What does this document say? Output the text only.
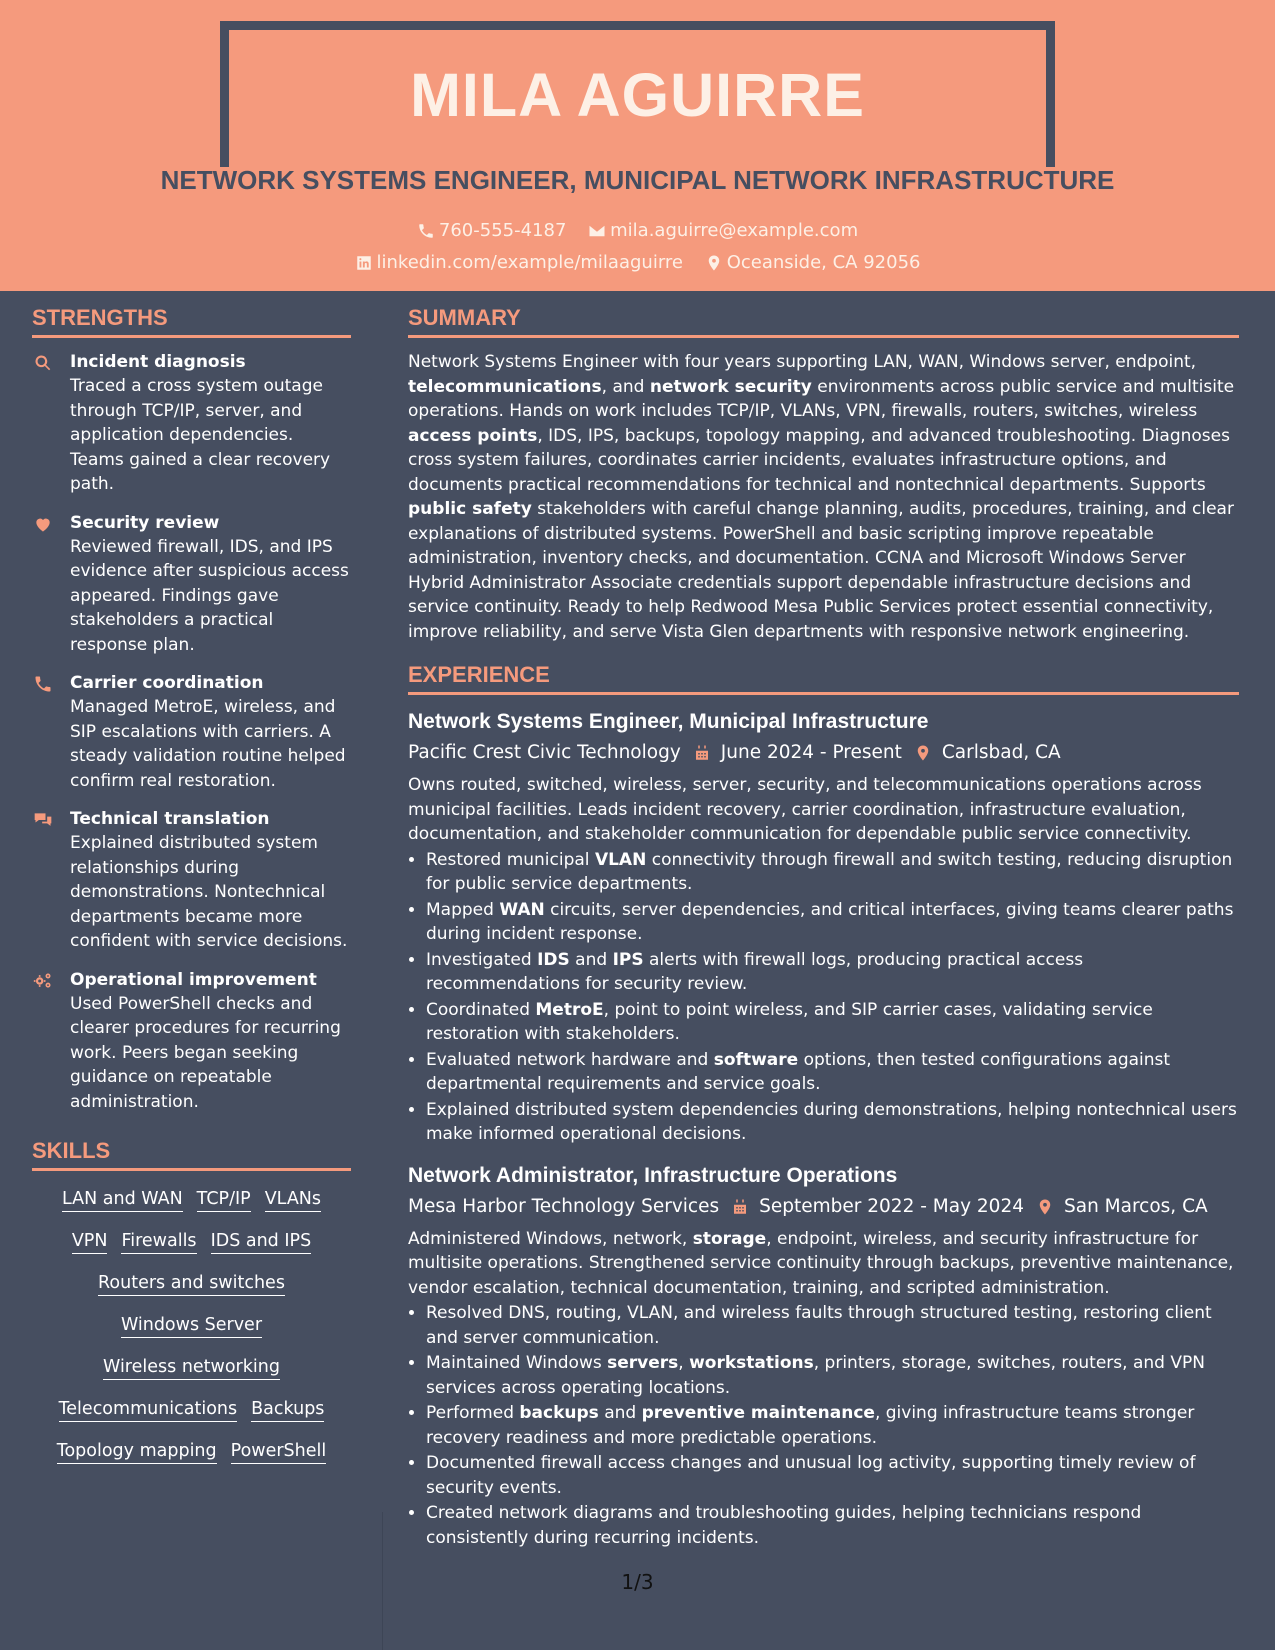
MILA AGUIRRE
NETWORK SYSTEMS ENGINEER, MUNICIPAL NETWORK INFRASTRUCTURE
760-555-4187
mila.aguirre@example.com
linkedin.com/example/milaaguirre
Oceanside, CA 92056
STRENGTHS
Incident diagnosis
Traced a cross system outage through TCP/IP, server, and application dependencies. Teams gained a clear recovery path.
Security review
Reviewed firewall, IDS, and IPS evidence after suspicious access appeared. Findings gave stakeholders a practical response plan.
Carrier coordination
Managed MetroE, wireless, and SIP escalations with carriers. A steady validation routine helped confirm real restoration.
Technical translation
Explained distributed system relationships during demonstrations. Nontechnical departments became more confident with service decisions.
Operational improvement
Used PowerShell checks and clearer procedures for recurring work. Peers began seeking guidance on repeatable administration.
SKILLS
LAN and WAN TCP/IP VLANs
VPN Firewalls IDS and IPS
Routers and switches
Windows Server
Wireless networking
Telecommunications Backups
Topology mapping PowerShell
SUMMARY
Network Systems Engineer with four years supporting LAN, WAN, Windows server, endpoint, telecommunications, and network security environments across public service and multisite operations. Hands on work includes TCP/IP, VLANs, VPN, firewalls, routers, switches, wireless access points, IDS, IPS, backups, topology mapping, and advanced troubleshooting. Diagnoses cross system failures, coordinates carrier incidents, evaluates infrastructure options, and documents practical recommendations for technical and nontechnical departments. Supports public safety stakeholders with careful change planning, audits, procedures, training, and clear explanations of distributed systems. PowerShell and basic scripting improve repeatable administration, inventory checks, and documentation. CCNA and Microsoft Windows Server Hybrid Administrator Associate credentials support dependable infrastructure decisions and service continuity. Ready to help Redwood Mesa Public Services protect essential connectivity, improve reliability, and serve Vista Glen departments with responsive network engineering.
EXPERIENCE
Network Systems Engineer, Municipal Infrastructure
Pacific Crest Civic Technology June 2024 - Present Carlsbad, CA
Owns routed, switched, wireless, server, security, and telecommunications operations across municipal facilities. Leads incident recovery, carrier coordination, infrastructure evaluation, documentation, and stakeholder communication for dependable public service connectivity.
• Restored municipal VLAN connectivity through firewall and switch testing, reducing disruption for public service departments.
• Mapped WAN circuits, server dependencies, and critical interfaces, giving teams clearer paths during incident response.
• Investigated IDS and IPS alerts with firewall logs, producing practical access recommendations for security review.
• Coordinated MetroE, point to point wireless, and SIP carrier cases, validating service restoration with stakeholders.
• Evaluated network hardware and software options, then tested configurations against departmental requirements and service goals.
• Explained distributed system dependencies during demonstrations, helping nontechnical users make informed operational decisions.
Network Administrator, Infrastructure Operations
Mesa Harbor Technology Services September 2022 - May 2024 San Marcos, CA
Administered Windows, network, storage, endpoint, wireless, and security infrastructure for multisite operations. Strengthened service continuity through backups, preventive maintenance, vendor escalation, technical documentation, training, and scripted administration.
• Resolved DNS, routing, VLAN, and wireless faults through structured testing, restoring client and server communication.
• Maintained Windows servers, workstations, printers, storage, switches, routers, and VPN services across operating locations.
• Performed backups and preventive maintenance, giving infrastructure teams stronger recovery readiness and more predictable operations.
• Documented firewall access changes and unusual log activity, supporting timely review of security events.
• Created network diagrams and troubleshooting guides, helping technicians respond consistently during recurring incidents.
1/3
